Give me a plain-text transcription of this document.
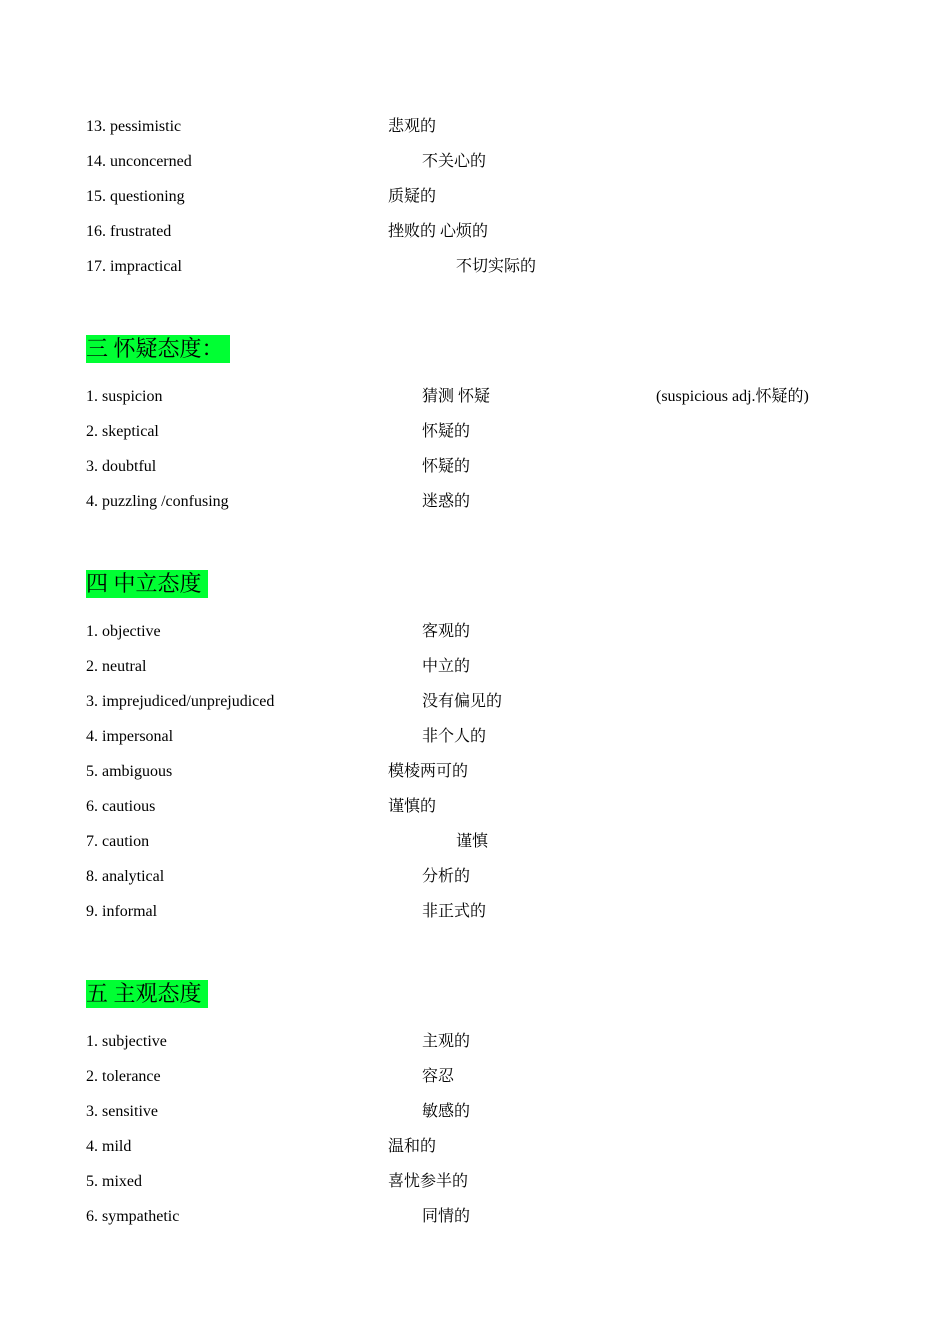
13. pessimistic	悲观的
14. unconcerned	不关心的
15. questioning	质疑的
16. frustrated	挫败的 心烦的
17. impractical	不切实际的
三 怀疑态度：
1. suspicion	猜测 怀疑	(suspicious adj.怀疑的)
2. skeptical	怀疑的
3. doubtful	怀疑的
4. puzzling /confusing	迷惑的
四 中立态度
1. objective	客观的
2. neutral	中立的
3. imprejudiced/unprejudiced	没有偏见的
4. impersonal	非个人的
5. ambiguous	模棱两可的
6. cautious	谨慎的
7. caution	谨慎
8. analytical	分析的
9. informal	非正式的
五 主观态度
1. subjective	主观的
2. tolerance	容忍
3. sensitive	敏感的
4. mild	温和的
5. mixed	喜忧参半的
6. sympathetic	同情的
